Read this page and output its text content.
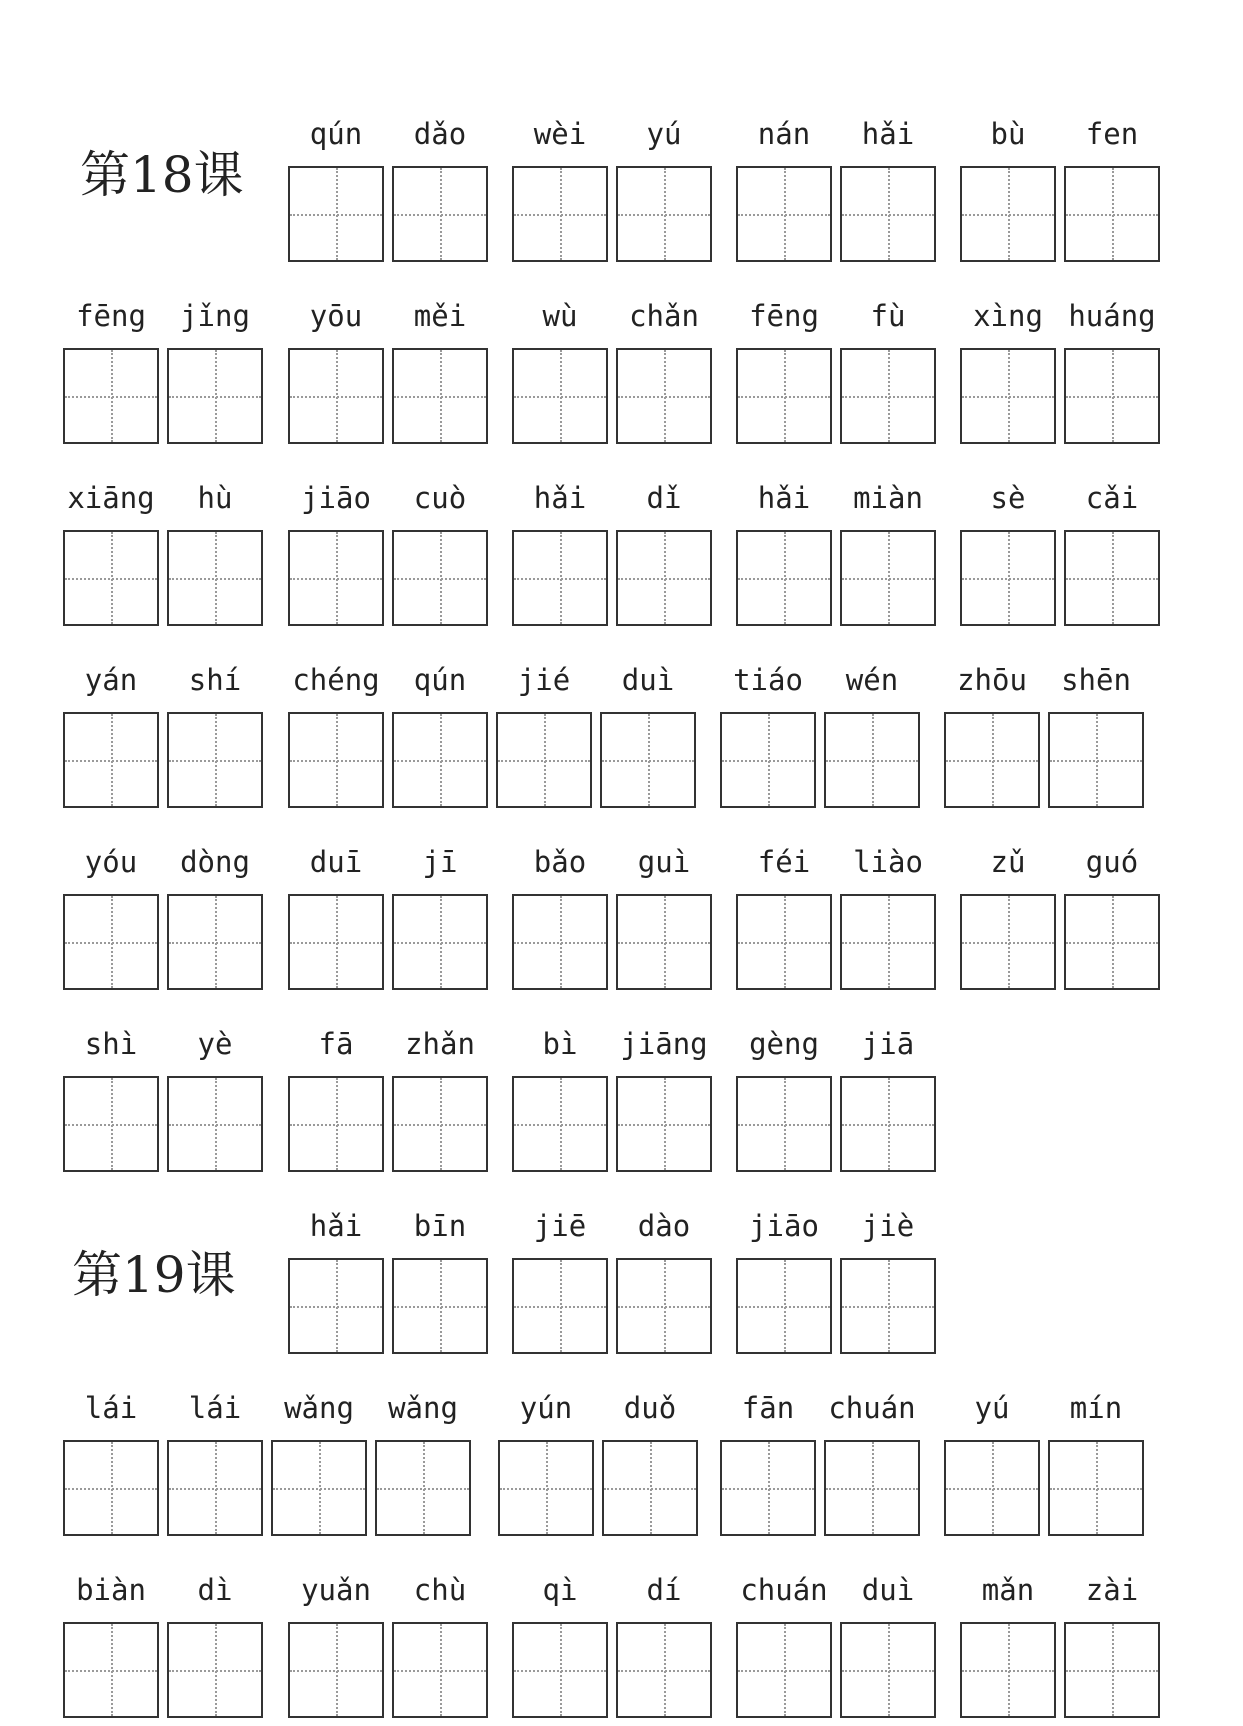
第18课
第19课
qún	dǎo	wèi	yú	nán	hǎi	bù	fen
fēng	jǐng	yōu	měi	wù	chǎn	fēng	fù	xìng huáng
xiāng	hù	jiāo	cuò	hǎi	dǐ	hǎi	miàn	sè	cǎi
yán	shí	chéng	qún	jié	duì	tiáo	wén	zhōu	shēn
yóu	dòng	duī	jī	bǎo	guì	féi	liào	zǔ	guó
shì	yè	fā	zhǎn	bì	jiāng	gèng	jiā
hǎi	bīn	jiē	dào	jiāo	jiè
lái	lái	wǎng	wǎng	yún	duǒ	fān	chuán	yú	mín
biàn	dì	yuǎn	chù	qì	dí	chuán	duì	mǎn	zài
